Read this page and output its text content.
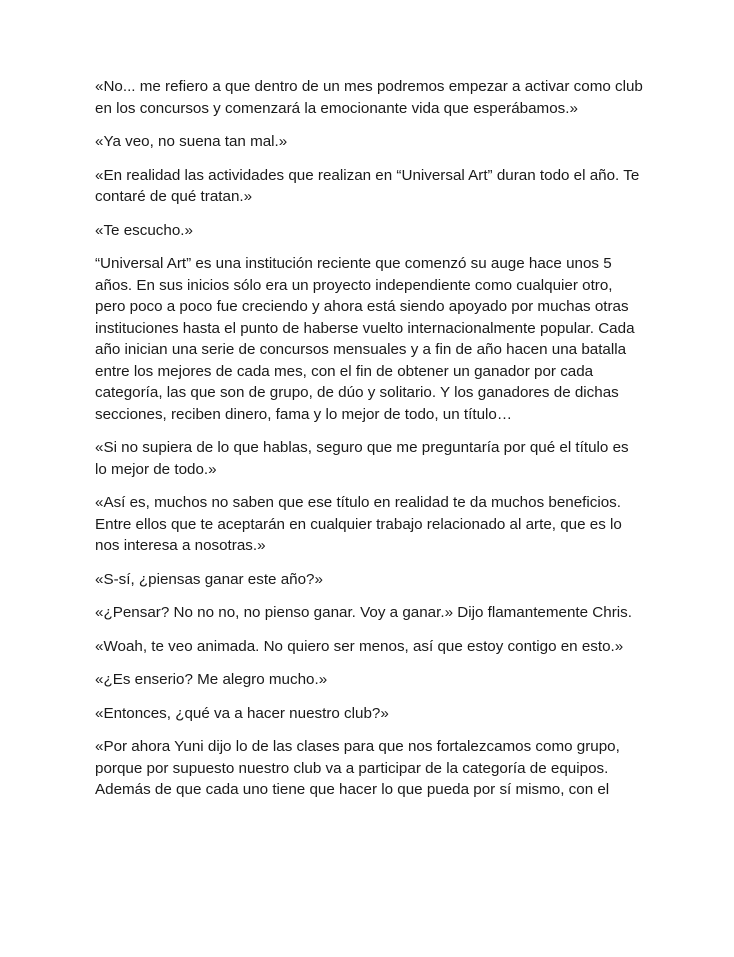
«No... me refiero a que dentro de un mes podremos empezar a activar como club en los concursos y comenzará la emocionante vida que esperábamos.»

«Ya veo, no suena tan mal.»

«En realidad las actividades que realizan en “Universal Art” duran todo el año. Te contaré de qué tratan.»

«Te escucho.»

“Universal Art” es una institución reciente que comenzó su auge hace unos 5 años. En sus inicios sólo era un proyecto independiente como cualquier otro, pero poco a poco fue creciendo y ahora está siendo apoyado por muchas otras instituciones hasta el punto de haberse vuelto internacionalmente popular. Cada año inician una serie de concursos mensuales y a fin de año hacen una batalla entre los mejores de cada mes, con el fin de obtener un ganador por cada categoría, las que son de grupo, de dúo y solitario. Y los ganadores de dichas secciones, reciben dinero, fama y lo mejor de todo, un título…

«Si no supiera de lo que hablas, seguro que me preguntaría por qué el título es lo mejor de todo.»

«Así es, muchos no saben que ese título en realidad te da muchos beneficios. Entre ellos que te aceptarán en cualquier trabajo relacionado al arte, que es lo nos interesa a nosotras.»

«S-sí, ¿piensas ganar este año?»

«¿Pensar? No no no, no pienso ganar. Voy a ganar.» Dijo flamantemente Chris.

«Woah, te veo animada. No quiero ser menos, así que estoy contigo en esto.»

«¿Es enserio? Me alegro mucho.»

«Entonces, ¿qué va a hacer nuestro club?»

«Por ahora Yuni dijo lo de las clases para que nos fortalezcamos como grupo, porque por supuesto nuestro club va a participar de la categoría de equipos. Además de que cada uno tiene que hacer lo que pueda por sí mismo, con el
